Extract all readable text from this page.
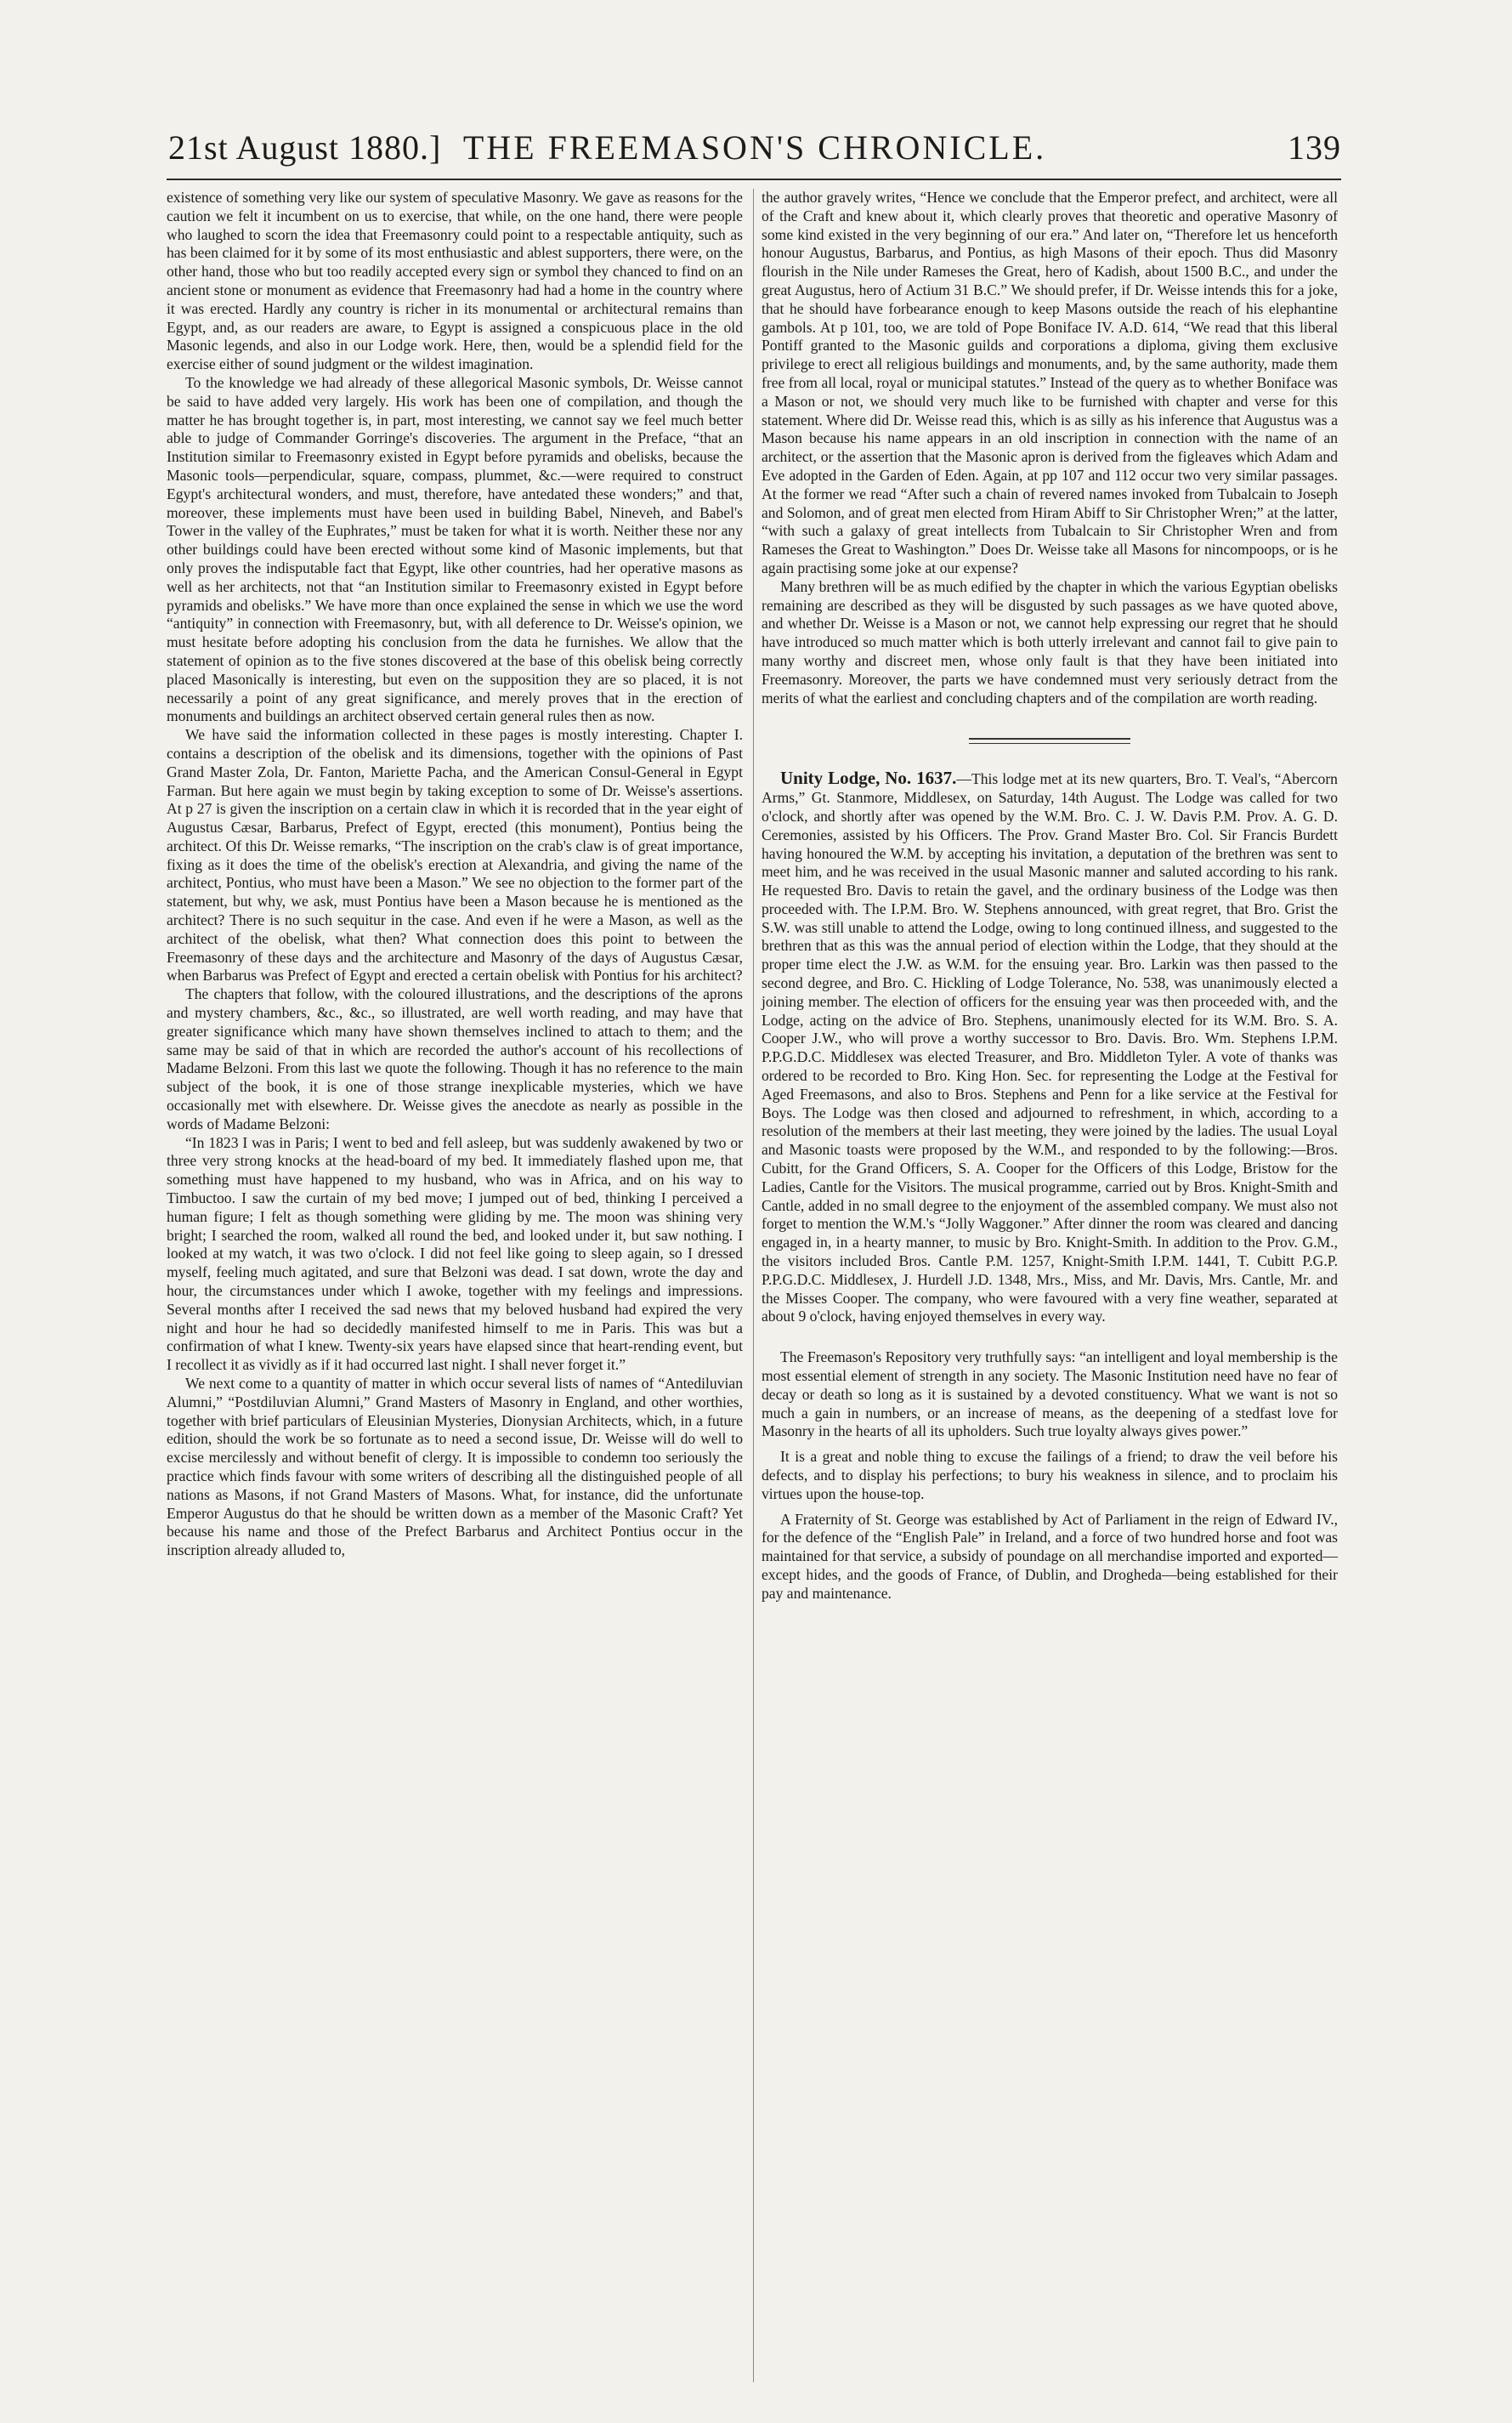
21st August 1880.] THE FREEMASON'S CHRONICLE.	139

existence of something very like our system of speculative Masonry. We gave as reasons for the caution we felt it incumbent on us to exercise, that while, on the one hand, there were people who laughed to scorn the idea that Freemasonry could point to a respectable antiquity, such as has been claimed for it by some of its most enthusiastic and ablest supporters, there were, on the other hand, those who but too readily accepted every sign or symbol they chanced to find on an ancient stone or monument as evidence that Freemasonry had had a home in the country where it was erected. Hardly any country is richer in its monumental or architectural remains than Egypt, and, as our readers are aware, to Egypt is assigned a conspicuous place in the old Masonic legends, and also in our Lodge work. Here, then, would be a splendid field for the exercise either of sound judgment or the wildest imagination.

To the knowledge we had already of these allegorical Masonic symbols, Dr. Weisse cannot be said to have added very largely. His work has been one of compilation, and though the matter he has brought together is, in part, most interesting, we cannot say we feel much better able to judge of Commander Gorringe's discoveries. The argument in the Preface, “that an Institution similar to Freemasonry existed in Egypt before pyramids and obelisks, because the Masonic tools—perpendicular, square, compass, plummet, &c.—were required to construct Egypt's architectural wonders, and must, therefore, have antedated these wonders;” and that, moreover, these implements must have been used in building Babel, Nineveh, and Babel's Tower in the valley of the Euphrates,” must be taken for what it is worth. Neither these nor any other buildings could have been erected without some kind of Masonic implements, but that only proves the indisputable fact that Egypt, like other countries, had her operative masons as well as her architects, not that “an Institution similar to Freemasonry existed in Egypt before pyramids and obelisks.” We have more than once explained the sense in which we use the word “antiquity” in connection with Freemasonry, but, with all deference to Dr. Weisse's opinion, we must hesitate before adopting his conclusion from the data he furnishes. We allow that the statement of opinion as to the five stones discovered at the base of this obelisk being correctly placed Masonically is interesting, but even on the supposition they are so placed, it is not necessarily a point of any great significance, and merely proves that in the erection of monuments and buildings an architect observed certain general rules then as now.

We have said the information collected in these pages is mostly interesting. Chapter I. contains a description of the obelisk and its dimensions, together with the opinions of Past Grand Master Zola, Dr. Fanton, Mariette Pacha, and the American Consul-General in Egypt Farman. But here again we must begin by taking exception to some of Dr. Weisse's assertions. At p 27 is given the inscription on a certain claw in which it is recorded that in the year eight of Augustus Cæsar, Barbarus, Prefect of Egypt, erected (this monument), Pontius being the architect. Of this Dr. Weisse remarks, “The inscription on the crab's claw is of great importance, fixing as it does the time of the obelisk's erection at Alexandria, and giving the name of the architect, Pontius, who must have been a Mason.” We see no objection to the former part of the statement, but why, we ask, must Pontius have been a Mason because he is mentioned as the architect? There is no such sequitur in the case. And even if he were a Mason, as well as the architect of the obelisk, what then? What connection does this point to between the Freemasonry of these days and the architecture and Masonry of the days of Augustus Cæsar, when Barbarus was Prefect of Egypt and erected a certain obelisk with Pontius for his architect?

The chapters that follow, with the coloured illustrations, and the descriptions of the aprons and mystery chambers, &c., &c., so illustrated, are well worth reading, and may have that greater significance which many have shown themselves inclined to attach to them; and the same may be said of that in which are recorded the author's account of his recollections of Madame Belzoni. From this last we quote the following. Though it has no reference to the main subject of the book, it is one of those strange inexplicable mysteries, which we have occasionally met with elsewhere. Dr. Weisse gives the anecdote as nearly as possible in the words of Madame Belzoni:

“In 1823 I was in Paris; I went to bed and fell asleep, but was suddenly awakened by two or three very strong knocks at the head-board of my bed. It immediately flashed upon me, that something must have happened to my husband, who was in Africa, and on his way to Timbuctoo. I saw the curtain of my bed move; I jumped out of bed, thinking I perceived a human figure; I felt as though something were gliding by me. The moon was shining very bright; I searched the room, walked all round the bed, and looked under it, but saw nothing. I looked at my watch, it was two o'clock. I did not feel like going to sleep again, so I dressed myself, feeling much agitated, and sure that Belzoni was dead. I sat down, wrote the day and hour, the circumstances under which I awoke, together with my feelings and impressions. Several months after I received the sad news that my beloved husband had expired the very night and hour he had so decidedly manifested himself to me in Paris. This was but a confirmation of what I knew. Twenty-six years have elapsed since that heart-rending event, but I recollect it as vividly as if it had occurred last night. I shall never forget it.”

We next come to a quantity of matter in which occur several lists of names of “Antediluvian Alumni,” “Postdiluvian Alumni,” Grand Masters of Masonry in England, and other worthies, together with brief particulars of Eleusinian Mysteries, Dionysian Architects, which, in a future edition, should the work be so fortunate as to need a second issue, Dr. Weisse will do well to excise mercilessly and without benefit of clergy. It is impossible to condemn too seriously the practice which finds favour with some writers of describing all the distinguished people of all nations as Masons, if not Grand Masters of Masons. What, for instance, did the unfortunate Emperor Augustus do that he should be written down as a member of the Masonic Craft? Yet because his name and those of the Prefect Barbarus and Architect Pontius occur in the inscription already alluded to,

the author gravely writes, “Hence we conclude that the Emperor prefect, and architect, were all of the Craft and knew about it, which clearly proves that theoretic and operative Masonry of some kind existed in the very beginning of our era.” And later on, “Therefore let us henceforth honour Augustus, Barbarus, and Pontius, as high Masons of their epoch. Thus did Masonry flourish in the Nile under Rameses the Great, hero of Kadish, about 1500 B.C., and under the great Augustus, hero of Actium 31 B.C.” We should prefer, if Dr. Weisse intends this for a joke, that he should have forbearance enough to keep Masons outside the reach of his elephantine gambols. At p 101, too, we are told of Pope Boniface IV. A.D. 614, “We read that this liberal Pontiff granted to the Masonic guilds and corporations a diploma, giving them exclusive privilege to erect all religious buildings and monuments, and, by the same authority, made them free from all local, royal or municipal statutes.” Instead of the query as to whether Boniface was a Mason or not, we should very much like to be furnished with chapter and verse for this statement. Where did Dr. Weisse read this, which is as silly as his inference that Augustus was a Mason because his name appears in an old inscription in connection with the name of an architect, or the assertion that the Masonic apron is derived from the figleaves which Adam and Eve adopted in the Garden of Eden. Again, at pp 107 and 112 occur two very similar passages. At the former we read “After such a chain of revered names invoked from Tubalcain to Joseph and Solomon, and of great men elected from Hiram Abiff to Sir Christopher Wren;” at the latter, “with such a galaxy of great intellects from Tubalcain to Sir Christopher Wren and from Rameses the Great to Washington.” Does Dr. Weisse take all Masons for nincompoops, or is he again practising some joke at our expense?

Many brethren will be as much edified by the chapter in which the various Egyptian obelisks remaining are described as they will be disgusted by such passages as we have quoted above, and whether Dr. Weisse is a Mason or not, we cannot help expressing our regret that he should have introduced so much matter which is both utterly irrelevant and cannot fail to give pain to many worthy and discreet men, whose only fault is that they have been initiated into Freemasonry. Moreover, the parts we have condemned must very seriously detract from the merits of what the earliest and concluding chapters and of the compilation are worth reading.

Unity Lodge, No. 1637.—This lodge met at its new quarters, Bro. T. Veal's, “Abercorn Arms,” Gt. Stanmore, Middlesex, on Saturday, 14th August. The Lodge was called for two o'clock, and shortly after was opened by the W.M. Bro. C. J. W. Davis P.M. Prov. A. G. D. Ceremonies, assisted by his Officers. The Prov. Grand Master Bro. Col. Sir Francis Burdett having honoured the W.M. by accepting his invitation, a deputation of the brethren was sent to meet him, and he was received in the usual Masonic manner and saluted according to his rank. He requested Bro. Davis to retain the gavel, and the ordinary business of the Lodge was then proceeded with. The I.P.M. Bro. W. Stephens announced, with great regret, that Bro. Grist the S.W. was still unable to attend the Lodge, owing to long continued illness, and suggested to the brethren that as this was the annual period of election within the Lodge, that they should at the proper time elect the J.W. as W.M. for the ensuing year. Bro. Larkin was then passed to the second degree, and Bro. C. Hickling of Lodge Tolerance, No. 538, was unanimously elected a joining member. The election of officers for the ensuing year was then proceeded with, and the Lodge, acting on the advice of Bro. Stephens, unanimously elected for its W.M. Bro. S. A. Cooper J.W., who will prove a worthy successor to Bro. Davis. Bro. Wm. Stephens I.P.M. P.P.G.D.C. Middlesex was elected Treasurer, and Bro. Middleton Tyler. A vote of thanks was ordered to be recorded to Bro. King Hon. Sec. for representing the Lodge at the Festival for Aged Freemasons, and also to Bros. Stephens and Penn for a like service at the Festival for Boys. The Lodge was then closed and adjourned to refreshment, in which, according to a resolution of the members at their last meeting, they were joined by the ladies. The usual Loyal and Masonic toasts were proposed by the W.M., and responded to by the following:—Bros. Cubitt, for the Grand Officers, S. A. Cooper for the Officers of this Lodge, Bristow for the Ladies, Cantle for the Visitors. The musical programme, carried out by Bros. Knight-Smith and Cantle, added in no small degree to the enjoyment of the assembled company. We must also not forget to mention the W.M.'s “Jolly Waggoner.” After dinner the room was cleared and dancing engaged in, in a hearty manner, to music by Bro. Knight-Smith. In addition to the Prov. G.M., the visitors included Bros. Cantle P.M. 1257, Knight-Smith I.P.M. 1441, T. Cubitt P.G.P. P.P.G.D.C. Middlesex, J. Hurdell J.D. 1348, Mrs., Miss, and Mr. Davis, Mrs. Cantle, Mr. and the Misses Cooper. The company, who were favoured with a very fine weather, separated at about 9 o'clock, having enjoyed themselves in every way.

The Freemason's Repository very truthfully says: “an intelligent and loyal membership is the most essential element of strength in any society. The Masonic Institution need have no fear of decay or death so long as it is sustained by a devoted constituency. What we want is not so much a gain in numbers, or an increase of means, as the deepening of a stedfast love for Masonry in the hearts of all its upholders. Such true loyalty always gives power.”

It is a great and noble thing to excuse the failings of a friend; to draw the veil before his defects, and to display his perfections; to bury his weakness in silence, and to proclaim his virtues upon the house-top.

A Fraternity of St. George was established by Act of Parliament in the reign of Edward IV., for the defence of the “English Pale” in Ireland, and a force of two hundred horse and foot was maintained for that service, a subsidy of poundage on all merchandise imported and exported—except hides, and the goods of France, of Dublin, and Drogheda—being established for their pay and maintenance.
